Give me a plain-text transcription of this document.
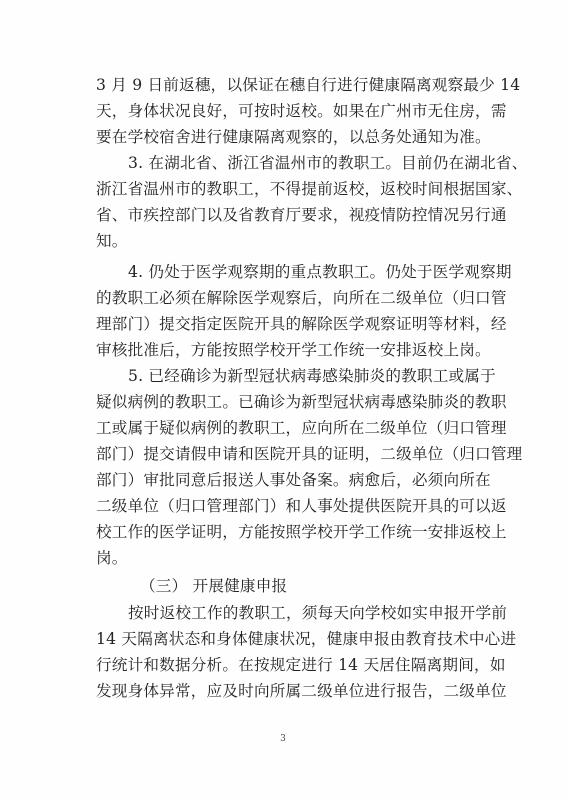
3 月 9 日前返穗，以保证在穗自行进行健康隔离观察最少 14
天，身体状况良好，可按时返校。如果在广州市无住房，需
要在学校宿舍进行健康隔离观察的，以总务处通知为准。
3. 在湖北省、浙江省温州市的教职工。目前仍在湖北省、
浙江省温州市的教职工，不得提前返校，返校时间根据国家、
省、市疾控部门以及省教育厅要求，视疫情防控情况另行通
知。
4. 仍处于医学观察期的重点教职工。仍处于医学观察期
的教职工必须在解除医学观察后，向所在二级单位（归口管
理部门）提交指定医院开具的解除医学观察证明等材料，经
审核批准后，方能按照学校开学工作统一安排返校上岗。
5. 已经确诊为新型冠状病毒感染肺炎的教职工或属于
疑似病例的教职工。已确诊为新型冠状病毒感染肺炎的教职
工或属于疑似病例的教职工，应向所在二级单位（归口管理
部门）提交请假申请和医院开具的证明，二级单位（归口管理
部门）审批同意后报送人事处备案。病愈后，必须向所在
二级单位（归口管理部门）和人事处提供医院开具的可以返
校工作的医学证明，方能按照学校开学工作统一安排返校上
岗。
（三） 开展健康申报
按时返校工作的教职工，须每天向学校如实申报开学前
14 天隔离状态和身体健康状况，健康申报由教育技术中心进
行统计和数据分析。在按规定进行 14 天居住隔离期间，如
发现身体异常，应及时向所属二级单位进行报告，二级单位
3
